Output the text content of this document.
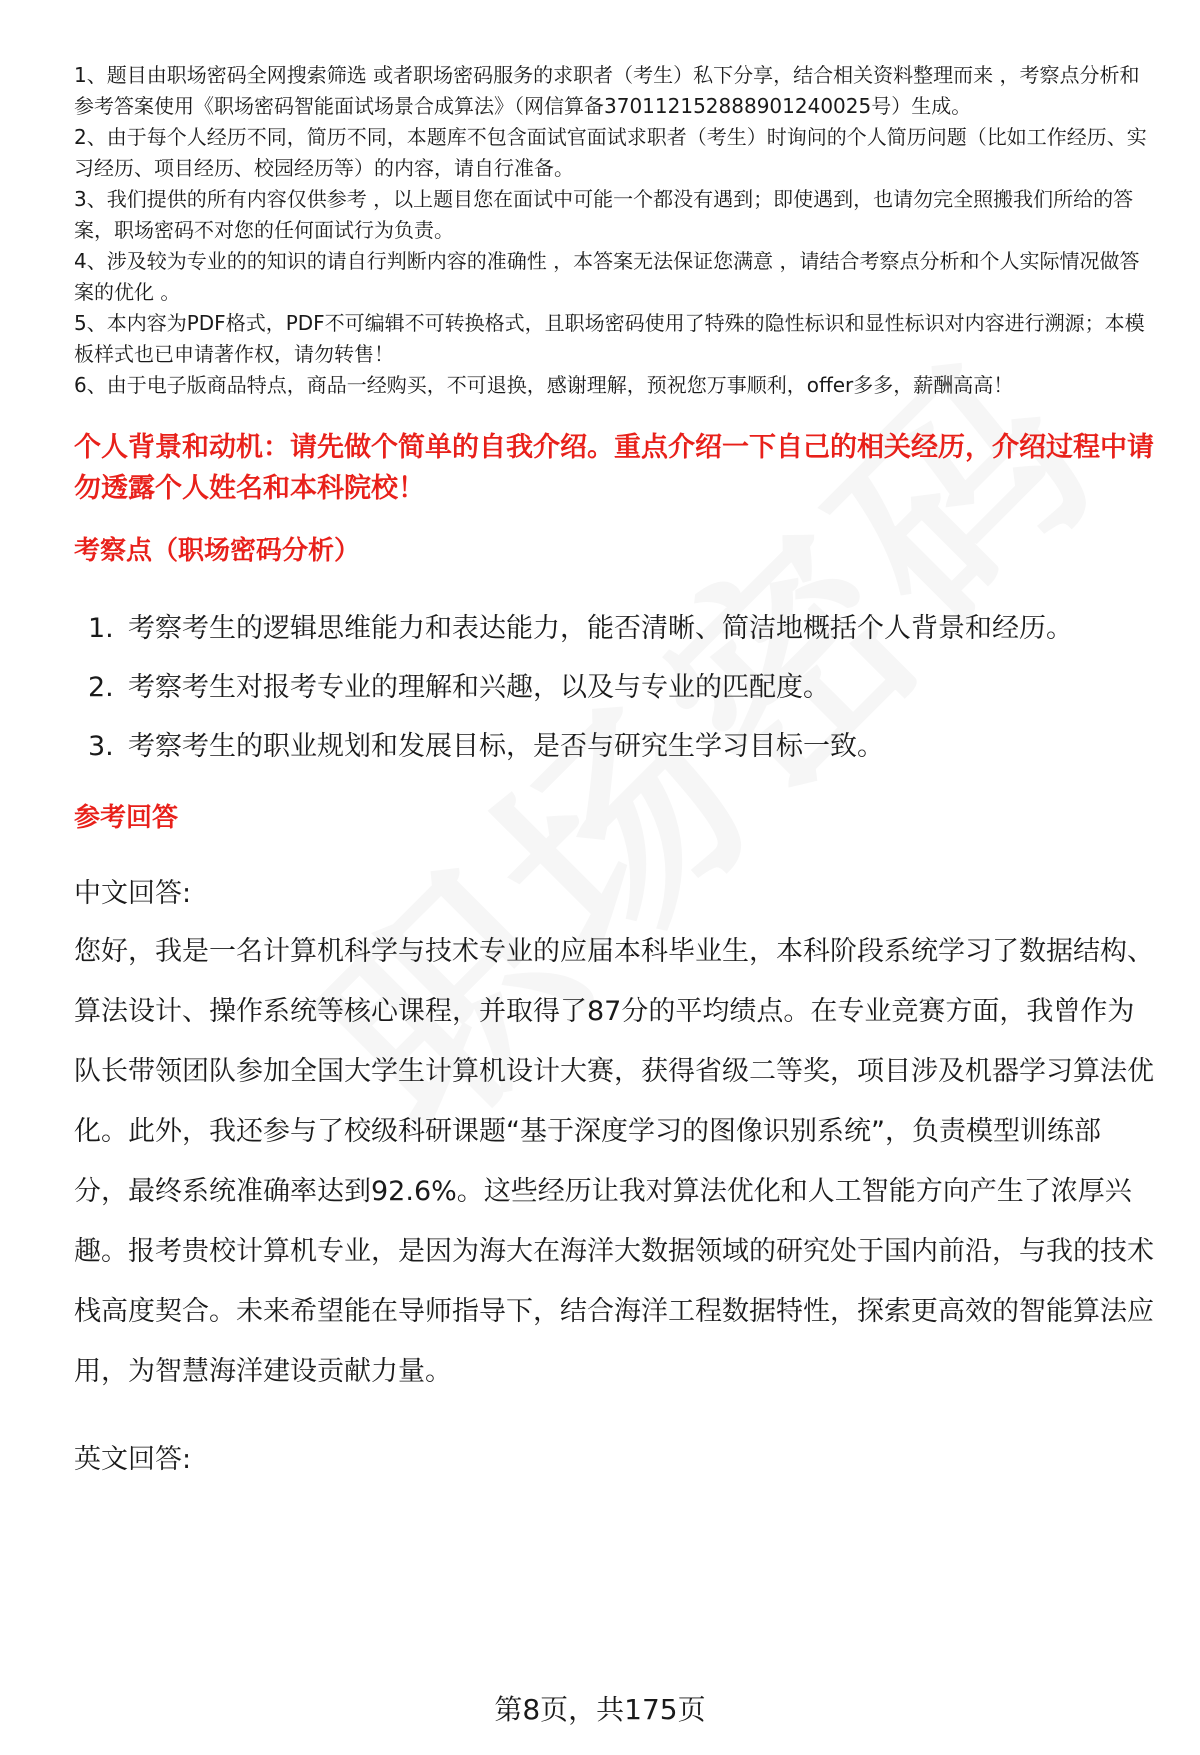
1、题目由职场密码全网搜索筛选 或者职场密码服务的求职者（考生）私下分享，结合相关资料整理而来 ，考察点分析和参考答案使用《职场密码智能面试场景合成算法》（网信算备370112152888901240025号）生成。

2、由于每个人经历不同，简历不同，本题库不包含面试官面试求职者（考生）时询问的个人简历问题（比如工作经历、实习经历、项目经历、校园经历等）的内容，请自行准备。

3、我们提供的所有内容仅供参考 ，以上题目您在面试中可能一个都没有遇到；即使遇到，也请勿完全照搬我们所给的答案，职场密码不对您的任何面试行为负责。

4、涉及较为专业的的知识的请自行判断内容的准确性 ，本答案无法保证您满意 ，请结合考察点分析和个人实际情况做答案的优化 。

5、本内容为PDF格式，PDF不可编辑不可转换格式，且职场密码使用了特殊的隐性标识和显性标识对内容进行溯源；本模板样式也已申请著作权，请勿转售！

6、由于电子版商品特点，商品一经购买，不可退换，感谢理解，预祝您万事顺利，offer多多，薪酬高高！

个人背景和动机：请先做个简单的自我介绍。重点介绍一下自己的相关经历，介绍过程中请勿透露个人姓名和本科院校！
考察点（职场密码分析）
1. 考察考生的逻辑思维能力和表达能力，能否清晰、简洁地概括个人背景和经历。
2. 考察考生对报考专业的理解和兴趣，以及与专业的匹配度。
3. 考察考生的职业规划和发展目标，是否与研究生学习目标一致。
参考回答
中文回答:

您好，我是一名计算机科学与技术专业的应届本科毕业生，本科阶段系统学习了数据结构、算法设计、操作系统等核心课程，并取得了87分的平均绩点。在专业竞赛方面，我曾作为队长带领团队参加全国大学生计算机设计大赛，获得省级二等奖，项目涉及机器学习算法优化。此外，我还参与了校级科研课题“基于深度学习的图像识别系统”，负责模型训练部分，最终系统准确率达到92.6%。这些经历让我对算法优化和人工智能方向产生了浓厚兴趣。报考贵校计算机专业，是因为海大在海洋大数据领域的研究处于国内前沿，与我的技术栈高度契合。未来希望能在导师指导下，结合海洋工程数据特性，探索更高效的智能算法应用，为智慧海洋建设贡献力量。

英文回答:
第8页，共175页
